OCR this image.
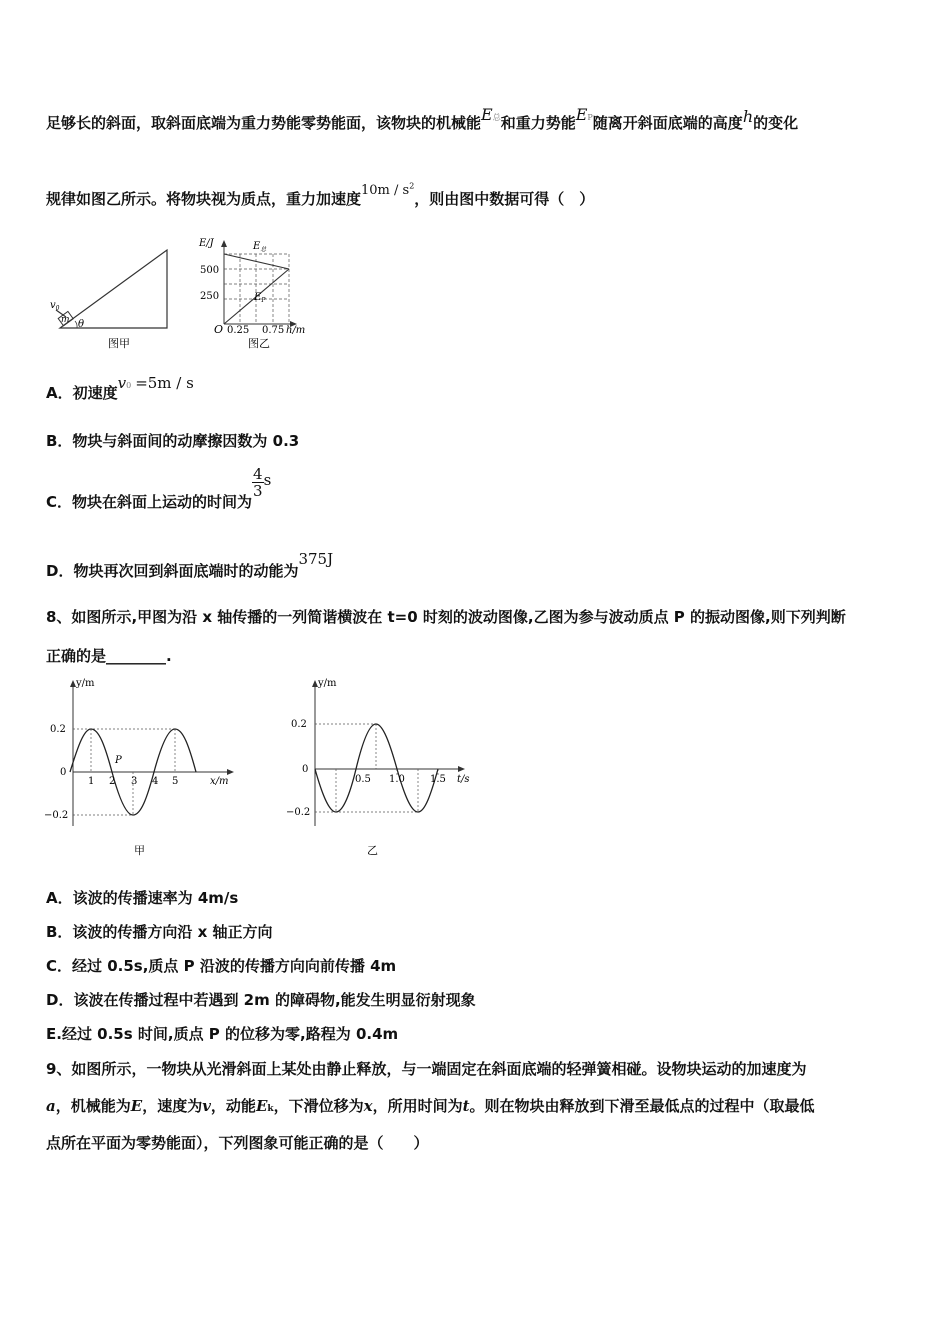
足够长的斜面，取斜面底端为重力势能零势能面，该物块的机械能E总和重力势能EP随离开斜面底端的高度h的变化
规律如图乙所示。将物块视为质点，重力加速度$10m / s^2$，则由图中数据可得（　）
m θ
$v_0$
图甲
E/J
500
250
O 0.25 0.75 h/m
$E_总$
$E_P$
图乙
A．初速度v0 =5m / s
B．物块与斜面间的动摩擦因数为 0.3
C．物块在斜面上运动的时间为
$\frac{4}{3}$ s
D．物块再次回到斜面底端时的动能为375J
8、如图所示,甲图为沿 x 轴传播的一列简谐横波在 t=0 时刻的波动图像,乙图为参与波动质点 P 的振动图像,则下列判断
正确的是________.
y/m
0.2
0
−0.2
1 2 3 4 5
P
x/m
甲
y/m
0.2
0
−0.2
0.5 1.0	1.5 t/s
乙
A．该波的传播速率为 4m/s
B．该波的传播方向沿 x 轴正方向
C．经过 0.5s,质点 P 沿波的传播方向向前传播 4m
D．该波在传播过程中若遇到 2m 的障碍物,能发生明显衍射现象
E.经过 0.5s 时间,质点 P 的位移为零,路程为 0.4m
9、如图所示，一物块从光滑斜面上某处由静止释放，与一端固定在斜面底端的轻弹簧相碰。设物块运动的加速度为
a，机械能为E，速度为v，动能Ek，下滑位移为x，所用时间为t。则在物块由释放到下滑至最低点的过程中（取最低
点所在平面为零势能面），下列图象可能正确的是（　　）
